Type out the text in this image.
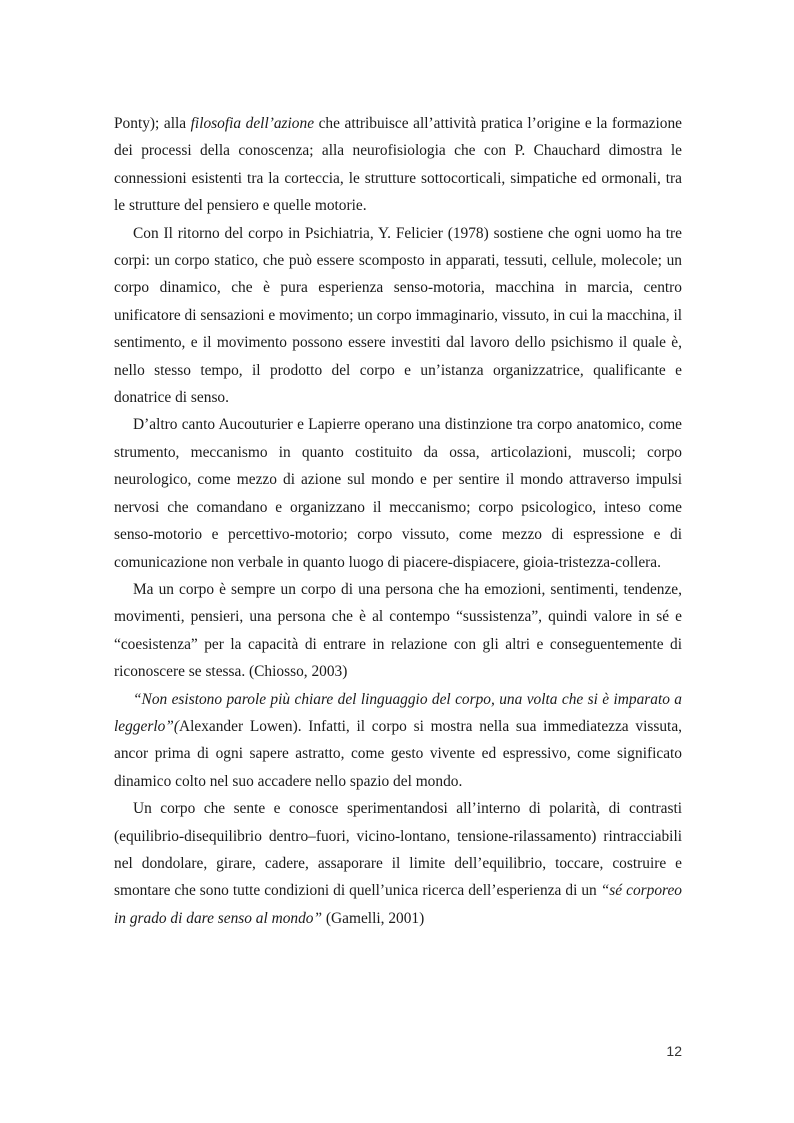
Ponty); alla filosofia dell’azione che attribuisce all’attività pratica l’origine e la formazione dei processi della conoscenza; alla neurofisiologia che con P. Chauchard dimostra le connessioni esistenti tra la corteccia, le strutture sottocorticali, simpatiche ed ormonali, tra le strutture del pensiero e quelle motorie.

Con Il ritorno del corpo in Psichiatria, Y. Felicier (1978) sostiene che ogni uomo ha tre corpi: un corpo statico, che può essere scomposto in apparati, tessuti, cellule, molecole; un corpo dinamico, che è pura esperienza senso-motoria, macchina in marcia, centro unificatore di sensazioni e movimento; un corpo immaginario, vissuto, in cui la macchina, il sentimento, e il movimento possono essere investiti dal lavoro dello psichismo il quale è, nello stesso tempo, il prodotto del corpo e un’istanza organizzatrice, qualificante e donatrice di senso.

D’altro canto Aucouturier e Lapierre operano una distinzione tra corpo anatomico, come strumento, meccanismo in quanto costituito da ossa, articolazioni, muscoli; corpo neurologico, come mezzo di azione sul mondo e per sentire il mondo attraverso impulsi nervosi che comandano e organizzano il meccanismo; corpo psicologico, inteso come senso-motorio e percettivo-motorio; corpo vissuto, come mezzo di espressione e di comunicazione non verbale in quanto luogo di piacere-dispiacere, gioia-tristezza-collera.

Ma un corpo è sempre un corpo di una persona che ha emozioni, sentimenti, tendenze, movimenti, pensieri, una persona che è al contempo “sussistenza”, quindi valore in sé e “coesistenza” per la capacità di entrare in relazione con gli altri e conseguentemente di riconoscere se stessa. (Chiosso, 2003)

“Non esistono parole più chiare del linguaggio del corpo, una volta che si è imparato a leggerlo”(Alexander Lowen). Infatti, il corpo si mostra nella sua immediatezza vissuta, ancor prima di ogni sapere astratto, come gesto vivente ed espressivo, come significato dinamico colto nel suo accadere nello spazio del mondo.

Un corpo che sente e conosce sperimentandosi all’interno di polarità, di contrasti (equilibrio-disequilibrio dentro–fuori, vicino-lontano, tensione-rilassamento) rintracciabili nel dondolare, girare, cadere, assaporare il limite dell’equilibrio, toccare, costruire e smontare che sono tutte condizioni di quell’unica ricerca dell’esperienza di un “sé corporeo in grado di dare senso al mondo” (Gamelli, 2001)

12
